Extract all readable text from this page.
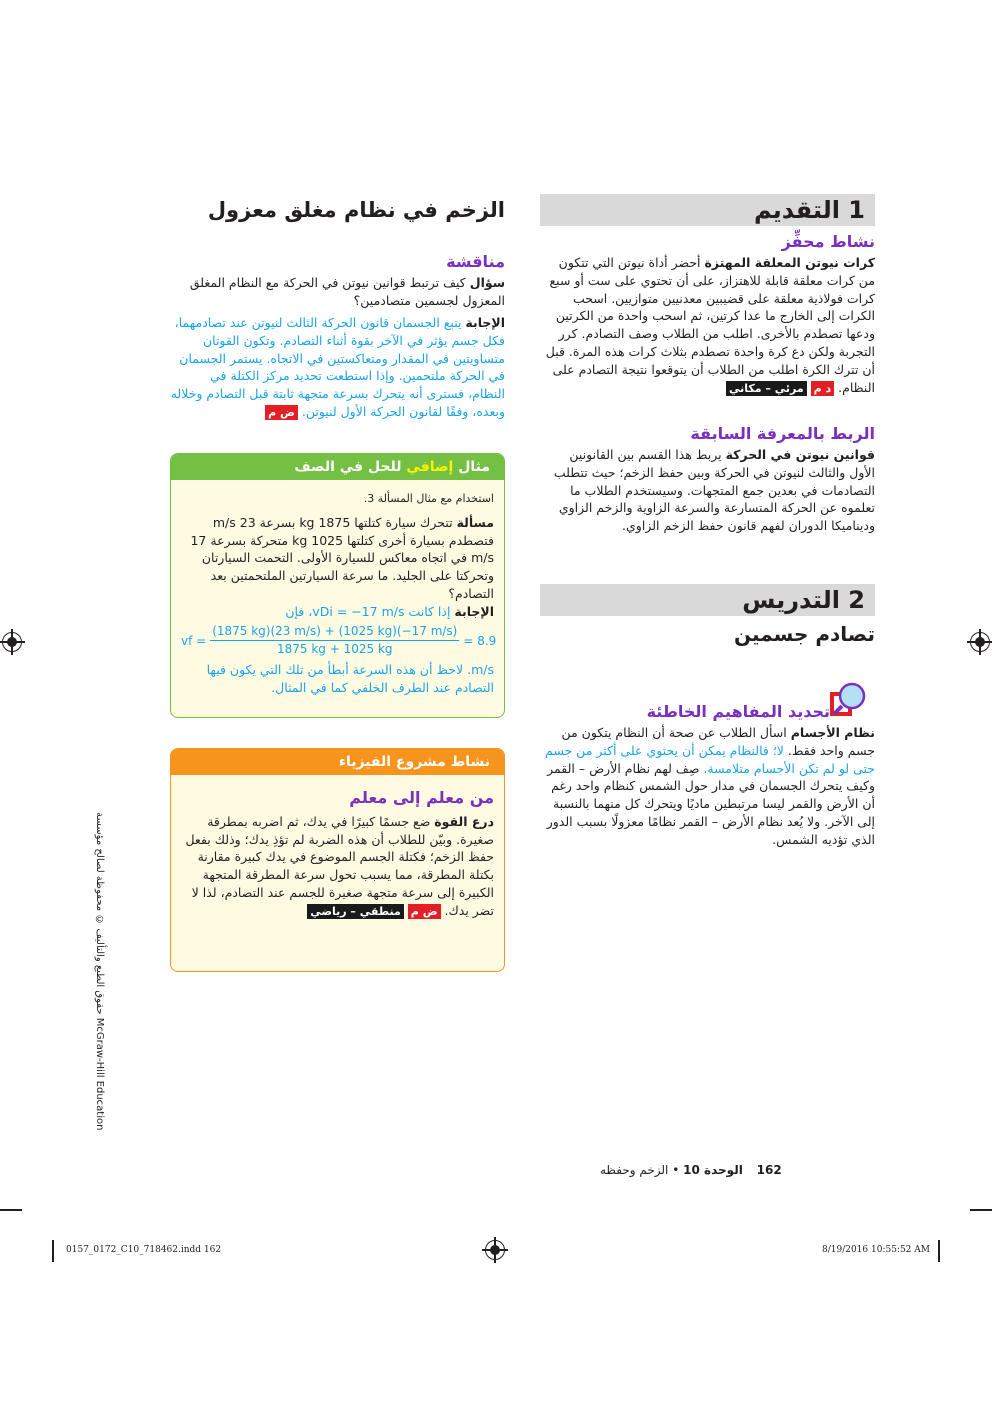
1 التقديم
نشاط محفِّز
كرات نيوتن المعلقة المهتزة أحضر أداة نيوتن التي تتكون من كرات معلقة قابلة للاهتزاز، على أن تحتوي على ست أو سبع كرات فولاذية معلقة على قضيبين معدنيين متوازيين. اسحب الكرات إلى الخارج ما عدا كرتين، ثم اسحب واحدة من الكرتين ودعها تصطدم بالأخرى. اطلب من الطلاب وصف التصادم. كرر التجربة ولكن دع كرة واحدة تصطدم بثلاث كرات هذه المرة. قبل أن تترك الكرة اطلب من الطلاب أن يتوقعوا نتيجة التصادم على النظام. د م مرئي – مكاني
الربط بالمعرفة السابقة
قوانين نيوتن في الحركة يربط هذا القسم بين القانونين الأول والثالث لنيوتن في الحركة وبين حفظ الزخم؛ حيث تتطلب التصادمات في بعدين جمع المتجهات. وسيستخدم الطلاب ما تعلموه عن الحركة المتسارعة والسرعة الزاوية والزخم الزاوي وديناميكا الدوران لفهم قانون حفظ الزخم الزاوي.
2 التدريس
تصادم جسمين
تحديد المفاهيم الخاطئة
نظام الأجسام اسأل الطلاب عن صحة أن النظام يتكون من جسم واحد فقط. لا؛ فالنظام يمكن أن يحتوي على أكثر من جسم حتى لو لم تكن الأجسام متلامسة. صِف لهم نظام الأرض – القمر وكيف يتحرك الجسمان في مدار حول الشمس كنظام واحد رغم أن الأرض والقمر ليسا مرتبطين ماديًا ويتحرك كل منهما بالنسبة إلى الآخر. ولا يُعد نظام الأرض – القمر نظامًا معزولًا بسبب الدور الذي تؤديه الشمس.
الزخم في نظام مغلق معزول
مناقشة
سؤال كيف ترتبط قوانين نيوتن في الحركة مع النظام المغلق المعزول لجسمين متصادمين؟
الإجابة يتبع الجسمان قانون الحركة الثالث لنيوتن عند تصادمهما، فكل جسم يؤثر في الآخر بقوة أثناء التصادم. وتكون القوتان متساويتين في المقدار ومتعاكستين في الاتجاه. يستمر الجسمان في الحركة ملتحمين. وإذا استطعت تحديد مركز الكتلة في النظام، فسترى أنه يتحرك بسرعة متجهة ثابتة قبل التصادم وخلاله وبعده، وفقًا لقانون الحركة الأول لنيوتن. ض م
مثال إضافي للحل في الصف
استخدام مع مثال المسألة 3.
مسألة تتحرك سيارة كتلتها 1875 kg بسرعة 23 m/s فتصطدم بسيارة أخرى كتلتها 1025 kg متحركة بسرعة 17 m/s في اتجاه معاكس للسيارة الأولى. التحمت السيارتان وتحركتا على الجليد. ما سرعة السيارتين الملتحمتين بعد التصادم؟
الإجابة إذا كانت vDi = −17 m/s، فإن
vf = $\frac{(1875 kg)(23 m/s) + (1025 kg)(-17 m/s)}{1875 kg + 1025 kg} = 8.9$
m/s. لاحظ أن هذه السرعة أبطأ من تلك التي يكون فيها التصادم عند الطرف الخلفي كما في المثال.
نشاط مشروع الفيزياء
من معلم إلى معلم
درع القوة ضع جسمًا كبيرًا في يدك، ثم اضربه بمطرقة صغيرة. وبيّن للطلاب أن هذه الضربة لم تؤذِ يدك؛ وذلك بفعل حفظ الزخم؛ فكتلة الجسم الموضوع في يدك كبيرة مقارنة بكتلة المطرقة، مما يسبب تحول سرعة المطرقة المتجهة الكبيرة إلى سرعة متجهة صغيرة للجسم عند التصادم، لذا لا تضر يدك. ض م منطقي – رياضي
حقوق الطبع والتأليف © محفوظة لصالح مؤسسة McGraw-Hill Education
162 الوحدة 10 • الزخم وحفظه
0157_0172_C10_718462.indd 162	8/19/2016 10:55:52 AM
